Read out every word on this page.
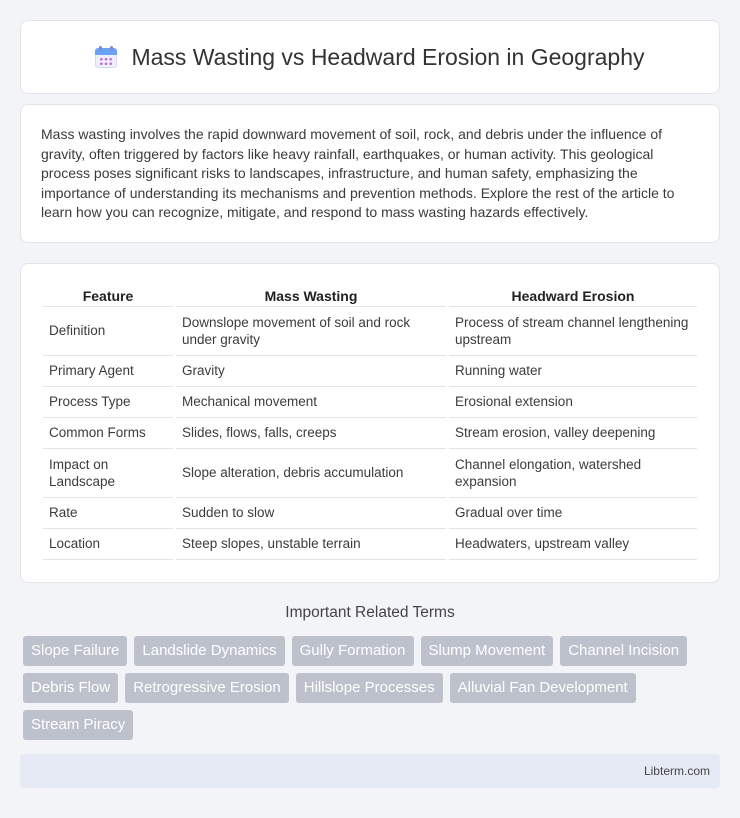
Mass Wasting vs Headward Erosion in Geography

Mass wasting involves the rapid downward movement of soil, rock, and debris under the influence of gravity, often triggered by factors like heavy rainfall, earthquakes, or human activity. This geological process poses significant risks to landscapes, infrastructure, and human safety, emphasizing the importance of understanding its mechanisms and prevention methods. Explore the rest of the article to learn how you can recognize, mitigate, and respond to mass wasting hazards effectively.

Feature	Mass Wasting	Headward Erosion
Definition	Downslope movement of soil and rock under gravity	Process of stream channel lengthening upstream
Primary Agent	Gravity	Running water
Process Type	Mechanical movement	Erosional extension
Common Forms	Slides, flows, falls, creeps	Stream erosion, valley deepening
Impact on Landscape	Slope alteration, debris accumulation	Channel elongation, watershed expansion
Rate	Sudden to slow	Gradual over time
Location	Steep slopes, unstable terrain	Headwaters, upstream valley
Important Related Terms
Slope Failure	Landslide Dynamics	Gully Formation	Slump Movement	Channel Incision
Debris Flow	Retrogressive Erosion	Hillslope Processes	Alluvial Fan Development
Stream Piracy
Libterm.com
